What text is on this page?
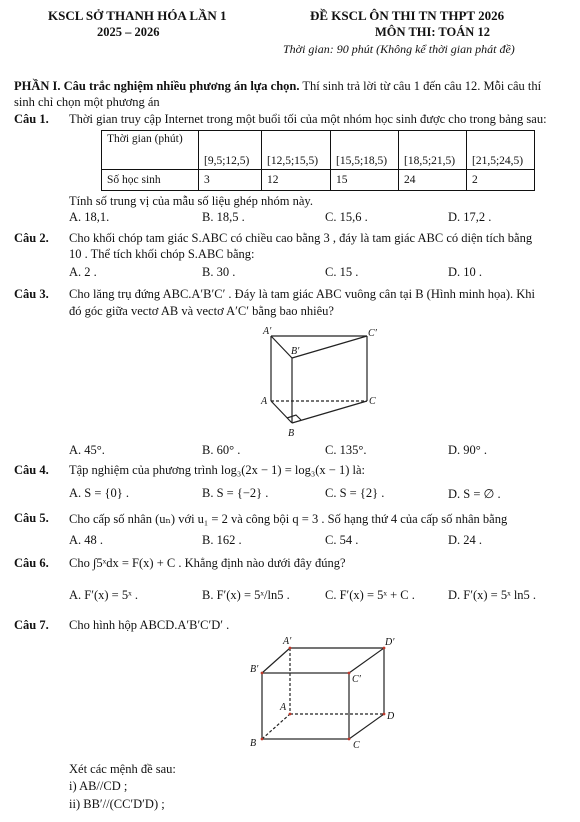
KSCL SỞ THANH HÓA LẦN 1
2025 – 2026
ĐỀ KSCL ÔN THI TN THPT 2026
MÔN THI: TOÁN 12
Thời gian: 90 phút (Không kể thời gian phát đề)
PHẦN I. Câu trắc nghiệm nhiều phương án lựa chọn. Thí sinh trả lời từ câu 1 đến câu 12. Mỗi câu thí
sinh chỉ chọn một phương án
Câu 1. Thời gian truy cập Internet trong một buổi tối của một nhóm học sinh được cho trong bảng sau:
Thời gian (phút)	[9,5;12,5)	[12,5;15,5)	[15,5;18,5)	[18,5;21,5)	[21,5;24,5)
Số học sinh	3	12	15	24	2
Tính số trung vị của mẫu số liệu ghép nhóm này.
A. 18,1.	B. 18,5 .	C. 15,6 .	D. 17,2 .
Câu 2. Cho khối chóp tam giác S.ABC có chiều cao bằng 3 , đáy là tam giác ABC có diện tích bằng
10 . Thể tích khối chóp S.ABC bằng:
A. 2 .	B. 30 .	C. 15 .	D. 10 .
Câu 3. Cho lăng trụ đứng ABC.A′B′C′ . Đáy là tam giác ABC vuông cân tại B (Hình minh họa). Khi
đó góc giữa vectơ AB và vectơ A′C′ bằng bao nhiêu?
A′
B′
C′
A
B
C
A. 45°.	B. 60° .	C. 135°.	D. 90° .
Câu 4. Tập nghiệm của phương trình log₃(2x − 1) = log₃(x − 1) là:
A. S = {0} .	B. S = {−2} .	C. S = {2} .	D. S = ∅ .
Câu 5. Cho cấp số nhân (uₙ) với u₁ = 2 và công bội q = 3 . Số hạng thứ 4 của cấp số nhân bằng
A. 48 .	B. 162 .	C. 54 .	D. 24 .
Câu 6. Cho ∫5ˣdx = F(x) + C . Khẳng định nào dưới đây đúng?
A. F′(x) = 5ˣ .	B. F′(x) = 5ˣ/ln5 .	C. F′(x) = 5ˣ + C .	D. F′(x) = 5ˣ ln5 .
Câu 7. Cho hình hộp ABCD.A′B′C′D′ .
A′	D′
B′
C′
A
D
B	C
Xét các mệnh đề sau:
i) AB//CD ;
ii) BB′//(CC′D′D) ;
